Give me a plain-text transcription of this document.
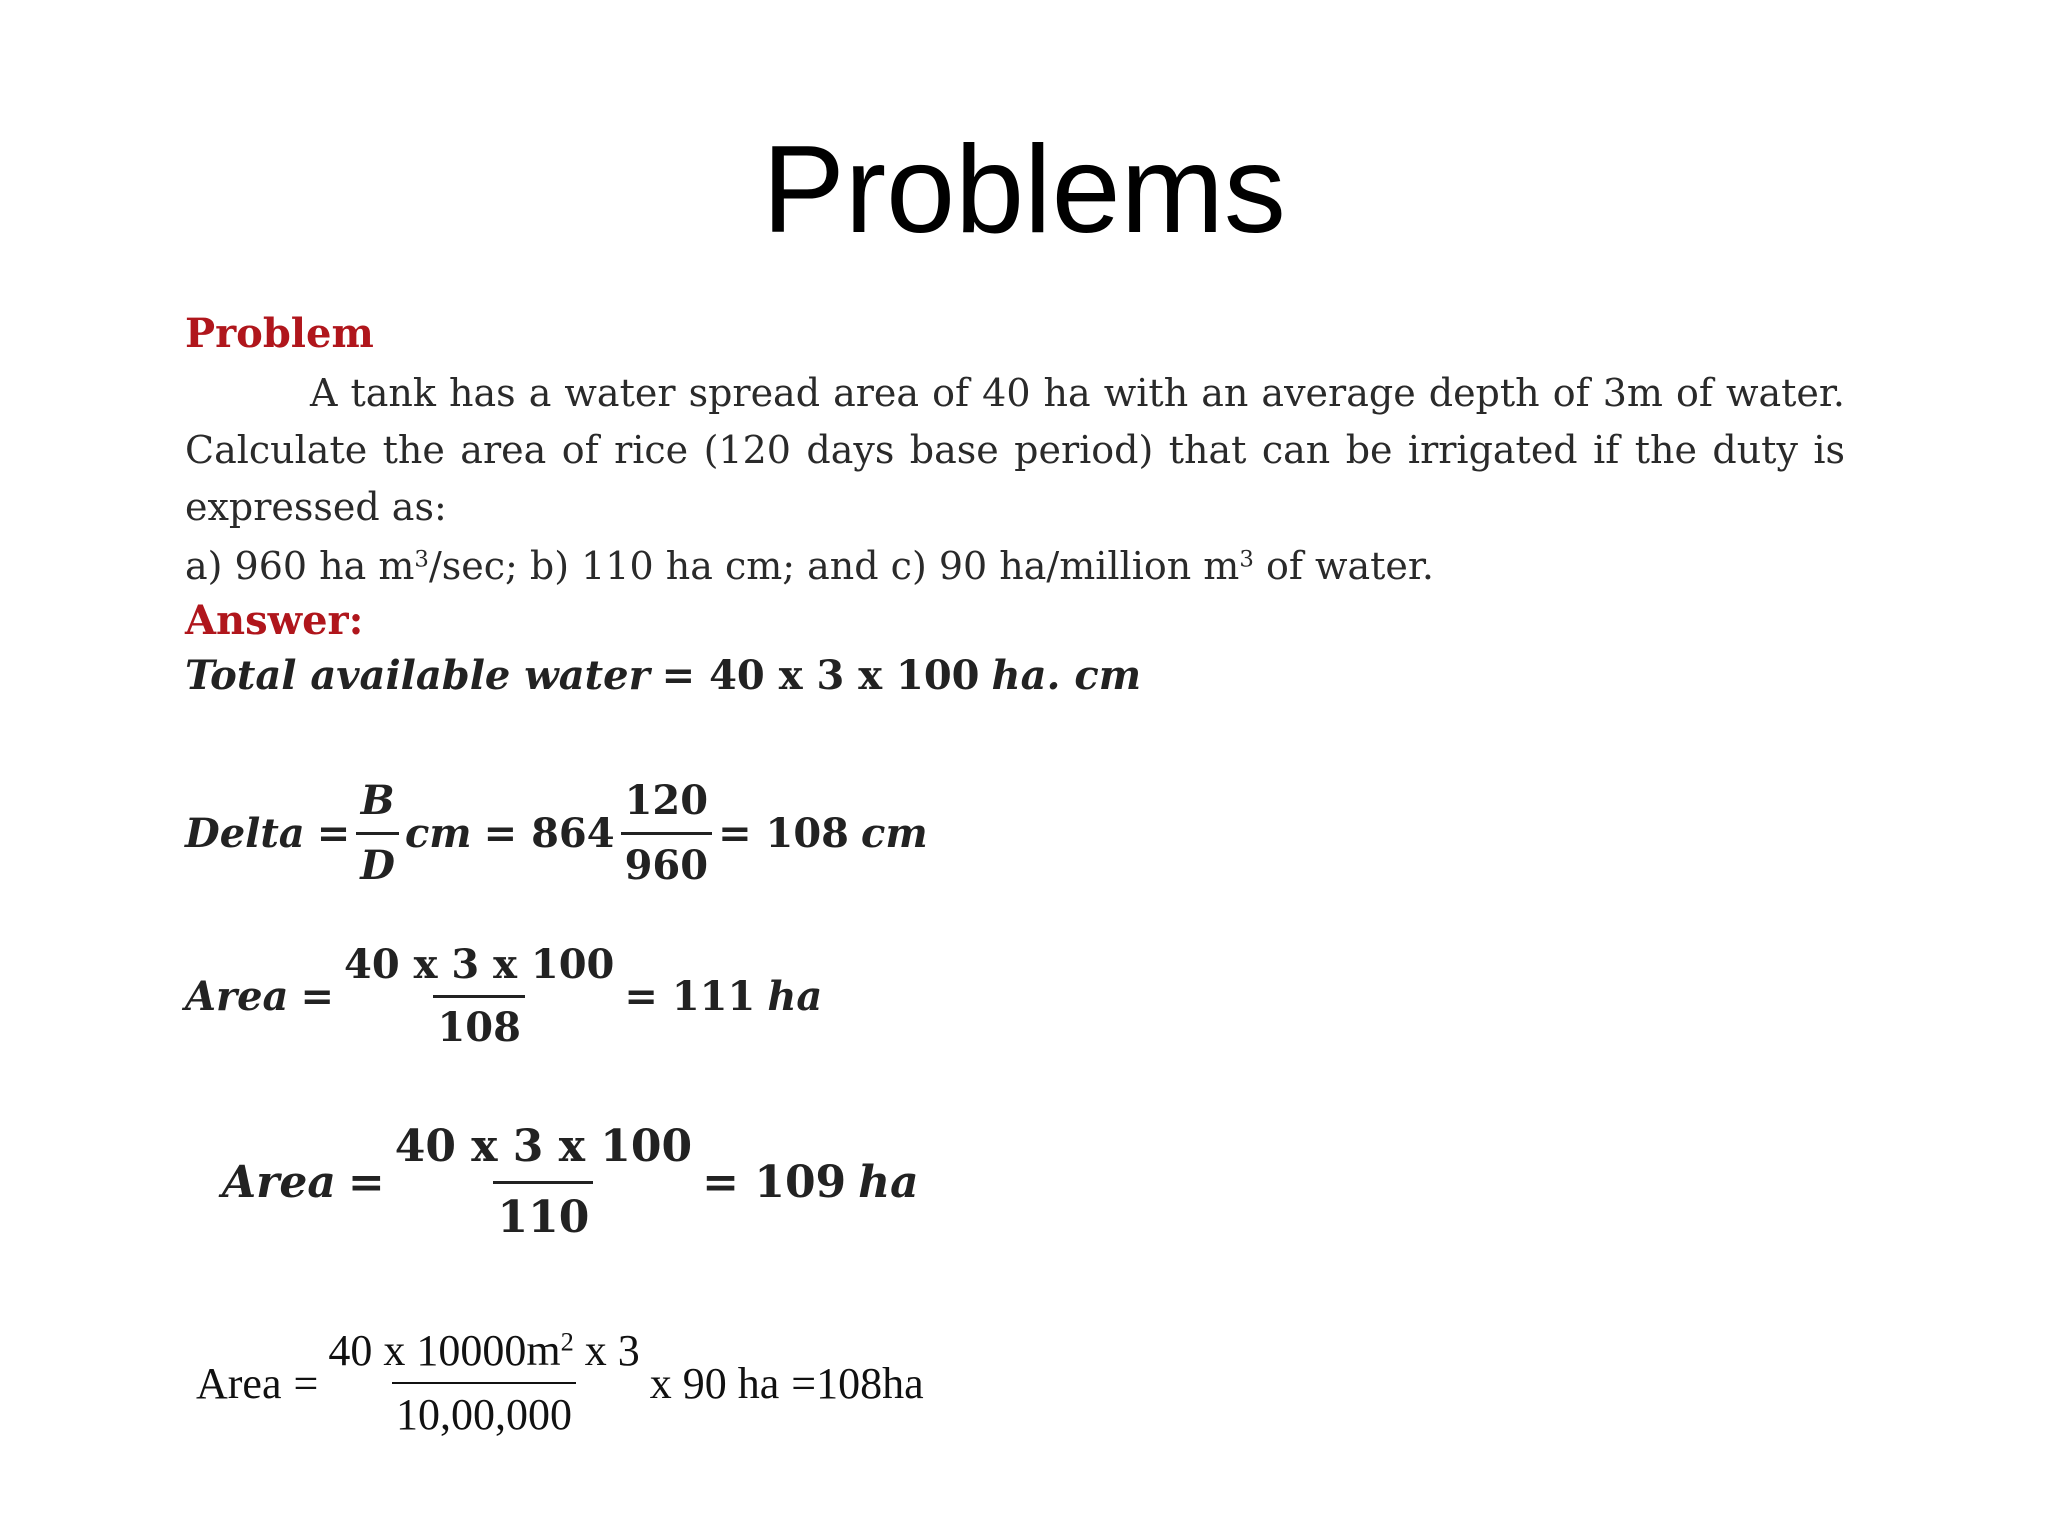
Problems
Problem
A tank has a water spread area of 40 ha with an average depth of 3m of water. Calculate the area of rice (120 days base period) that can be irrigated if the duty is expressed as:
a) 960 ha $m^3/\sec$; b) 110 ha cm; and c) 90 ha/million $m^3$ of water.
Answer:
Total available water = 40 x 3 x 100 ha. cm
Delta = $\frac{B}{D}$ cm = $864 \frac{120}{960} = 108$ cm
Area = $\frac{40 x 3 x 100}{108} = 111$ ha
Area = $\frac{40 x 3 x 100}{110} = 109$ ha
Area = $\frac{40 x 10000m^2 x 3}{10,00,000}$ x 90 ha =108ha
